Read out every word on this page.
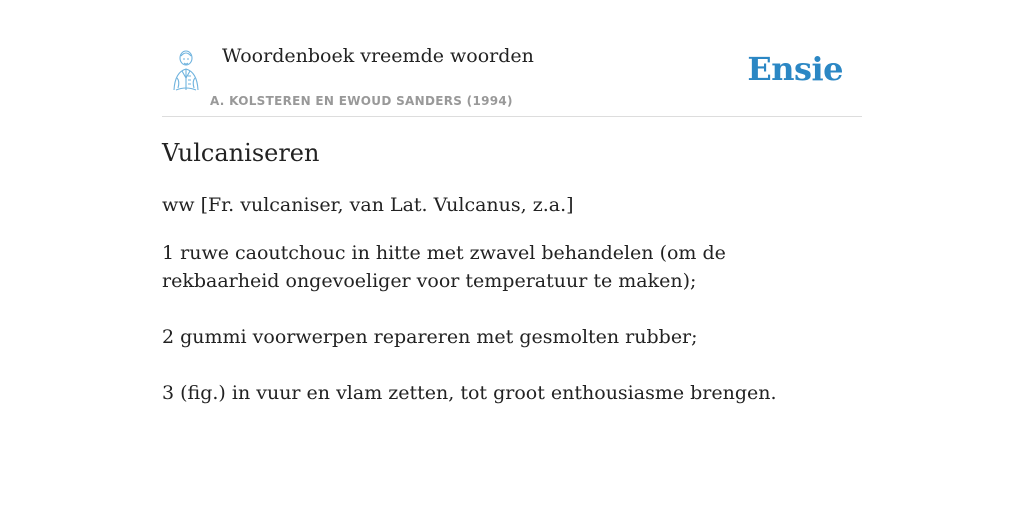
Woordenboek vreemde woorden
A. KOLSTEREN EN EWOUD SANDERS (1994)
Ensie
Vulcaniseren
ww [Fr. vulcaniser, van Lat. Vulcanus, z.a.]
1 ruwe caoutchouc in hitte met zwavel behandelen (om de rekbaarheid ongevoeliger voor temperatuur te maken);
2 gummi voorwerpen repareren met gesmolten rubber;
3 (fig.) in vuur en vlam zetten, tot groot enthousiasme brengen.
